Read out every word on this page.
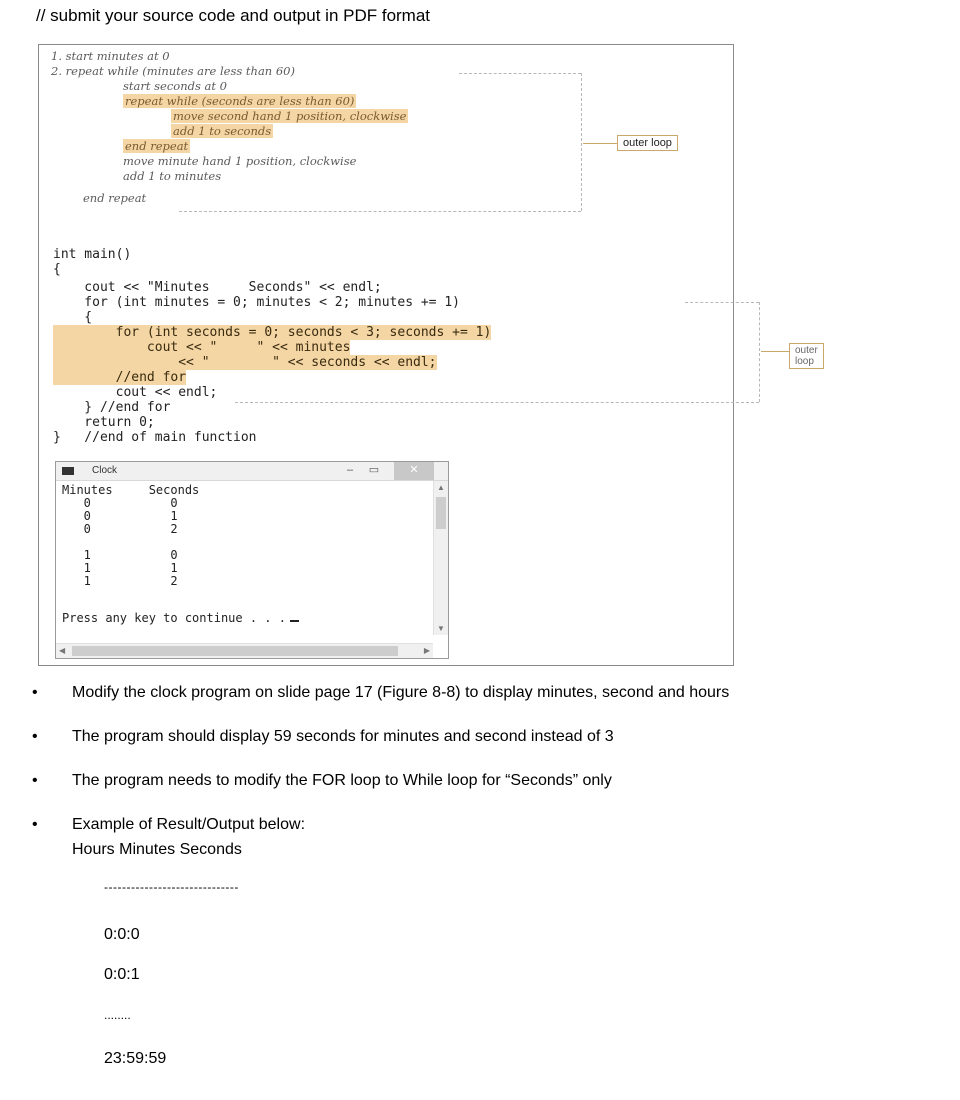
// submit your source code and output in PDF format
1. start minutes at 0
2. repeat while (minutes are less than 60)
start seconds at 0
repeat while (seconds are less than 60)
move second hand 1 position, clockwise
add 1 to seconds
end repeat
move minute hand 1 position, clockwise
add 1 to minutes
end repeat
outer loop
int main()
{
cout << "Minutes     Seconds" << endl;
for (int minutes = 0; minutes < 2; minutes += 1)
{
for (int seconds = 0; seconds < 3; seconds += 1)
cout << "     " << minutes
<< "        " << seconds << endl;
//end for
cout << endl;
} //end for
return 0;
}   //end of main function
outer loop
Clock	–	▭	✕
Minutes     Seconds
0           0
0           1
0           2
1           0
1           1
1           2
Press any key to continue . . .
▲
▼
◀	▶
• Modify the clock program on slide page 17 (Figure 8-8) to display minutes, second and hours
• The program should display 59 seconds for minutes and second instead of 3
• The program needs to modify the FOR loop to While loop for “Seconds” only
• Example of Result/Output below:
Hours Minutes Seconds
------------------------------
0:0:0
0:0:1
........
23:59:59
